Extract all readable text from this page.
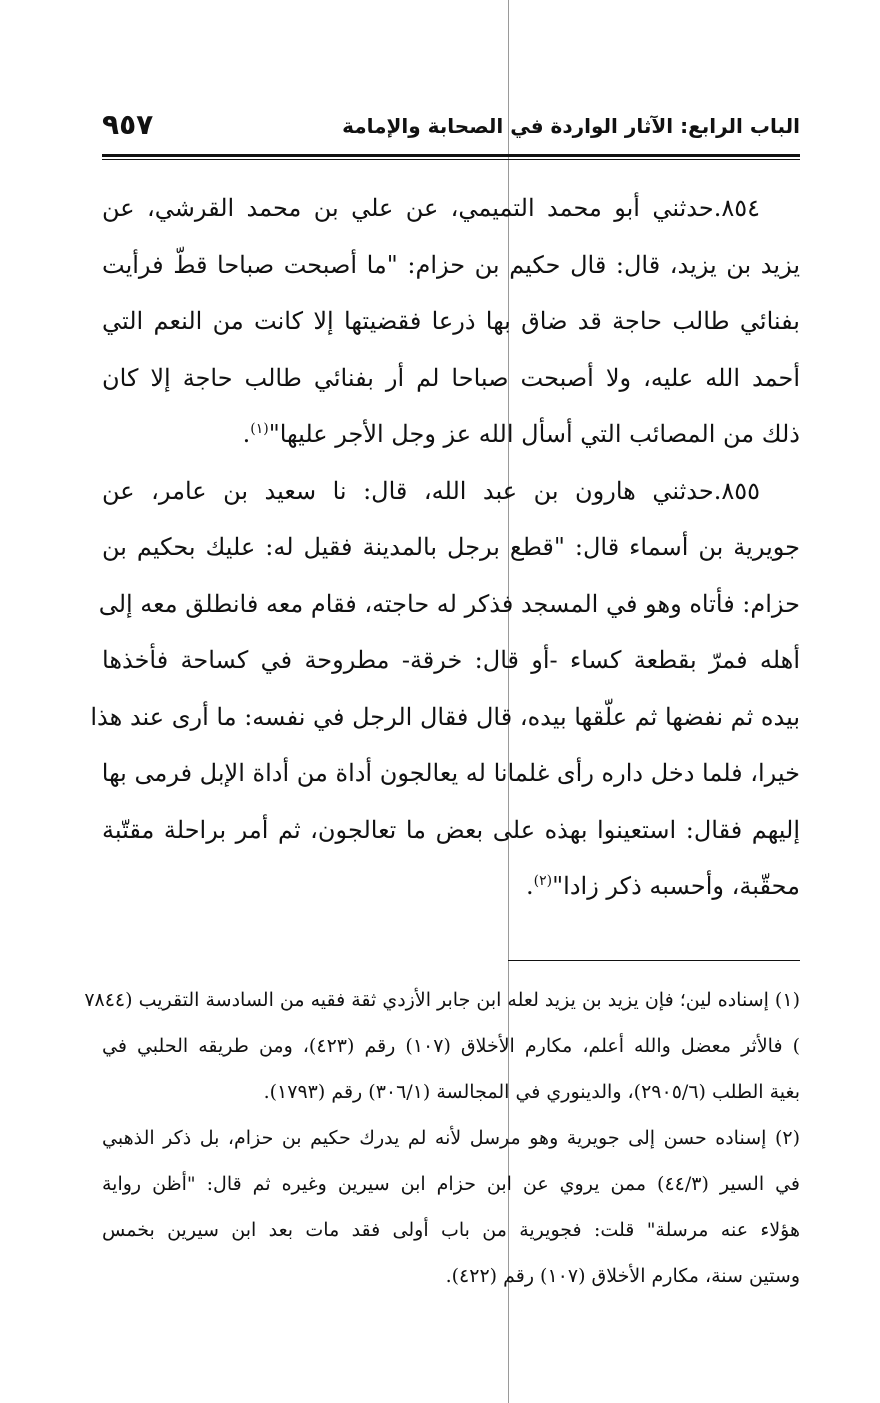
الباب الرابع: الآثار الواردة في الصحابة والإمامة
٩٥٧

٨٥٤.حدثني أبو محمد التميمي، عن علي بن محمد القرشي، عن
يزيد بن يزيد، قال: قال حكيم بن حزام: "ما أصبحت صباحا قطّ فرأيت
بفنائي طالب حاجة قد ضاق بها ذرعا فقضيتها إلا كانت من النعم التي
أحمد الله عليه، ولا أصبحت صباحا لم أر بفنائي طالب حاجة إلا كان
ذلك من المصائب التي أسأل الله عز وجل الأجر عليها"$^{(١)}$.

٨٥٥.حدثني هارون بن عبد الله، قال: نا سعيد بن عامر، عن
جويرية بن أسماء قال: "قطع برجل بالمدينة فقيل له: عليك بحكيم بن
حزام: فأتاه وهو في المسجد فذكر له حاجته، فقام معه فانطلق معه إلى
أهله فمرّ بقطعة كساء -أو قال: خرقة- مطروحة في كساحة فأخذها
بيده ثم نفضها ثم علّقها بيده، قال فقال الرجل في نفسه: ما أرى عند هذا
خيرا، فلما دخل داره رأى غلمانا له يعالجون أداة من أداة الإبل فرمى بها
إليهم فقال: استعينوا بهذه على بعض ما تعالجون، ثم أمر براحلة مقتّبة
محقّبة، وأحسبه ذكر زادا"$^{(٢)}$.

(١) إسناده لين؛ فإن يزيد بن يزيد لعله ابن جابر الأزدي ثقة فقيه من السادسة التقريب (٧٨٤٤
) فالأثر معضل والله أعلم، مكارم الأخلاق (١٠٧) رقم (٤٢٣)، ومن طريقه الحلبي في
بغية الطلب (٢٩٠٥/٦)، والدينوري في المجالسة (٣٠٦/١) رقم (١٧٩٣).

(٢) إسناده حسن إلى جويرية وهو مرسل لأنه لم يدرك حكيم بن حزام، بل ذكر الذهبي
في السير (٤٤/٣) ممن يروي عن ابن حزام ابن سيرين وغيره ثم قال: "أظن رواية
هؤلاء عنه مرسلة" قلت: فجويرية من باب أولى فقد مات بعد ابن سيرين بخمس
وستين سنة، مكارم الأخلاق (١٠٧) رقم (٤٢٢).
